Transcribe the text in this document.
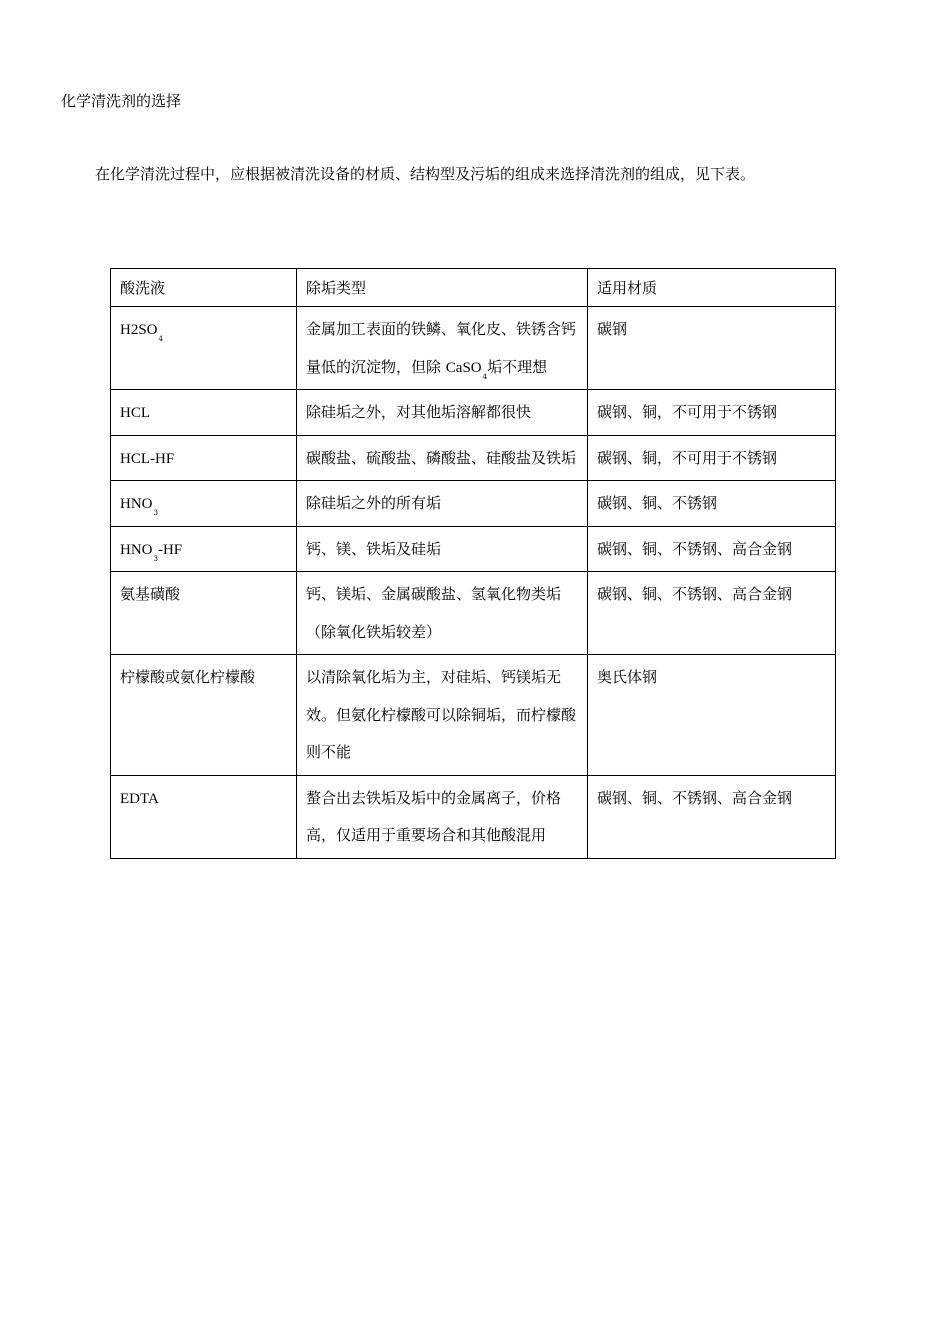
化学清洗剂的选择
在化学清洗过程中，应根据被清洗设备的材质、结构型及污垢的组成来选择清洗剂的组成，见下表。
酸洗液	除垢类型	适用材质
$H2SO_4$	金属加工表面的铁鳞、氧化皮、铁锈含钙量低的沉淀物，但除 CaSO$_4$垢不理想	碳钢
HCL	除硅垢之外，对其他垢溶解都很快	碳钢、铜，不可用于不锈钢
HCL-HF	碳酸盐、硫酸盐、磷酸盐、硅酸盐及铁垢	碳钢、铜，不可用于不锈钢
$HNO_3$	除硅垢之外的所有垢	碳钢、铜、不锈钢
$HNO_3-HF$	钙、镁、铁垢及硅垢	碳钢、铜、不锈钢、高合金钢
氨基磺酸	钙、镁垢、金属碳酸盐、氢氧化物类垢（除氧化铁垢较差）	碳钢、铜、不锈钢、高合金钢
柠檬酸或氨化柠檬酸	以清除氧化垢为主，对硅垢、钙镁垢无效。但氨化柠檬酸可以除铜垢，而柠檬酸则不能	奥氏体钢
EDTA	螯合出去铁垢及垢中的金属离子，价格高，仅适用于重要场合和其他酸混用	碳钢、铜、不锈钢、高合金钢
